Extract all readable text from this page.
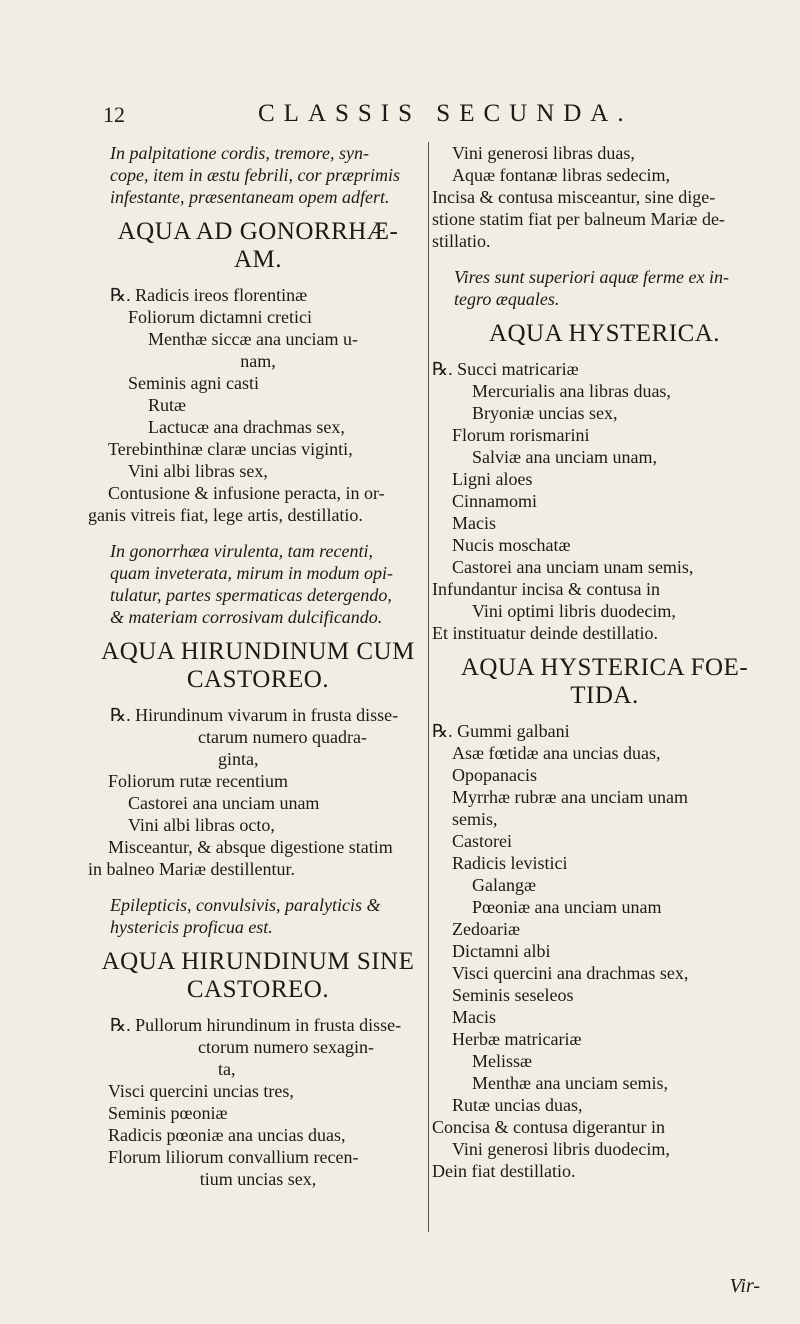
12	CLASSIS SECUNDA.
In palpitatione cordis, tremore, syn-
cope, item in æstu febrili, cor præprimis
infestante, præsentaneam opem adfert.
AQUA AD GONORRHÆ-
AM.
℞. Radicis ireos florentinæ
Foliorum dictamni cretici
Menthæ siccæ ana unciam u-
nam,
Seminis agni casti
Rutæ
Lactucæ ana drachmas sex,
Terebinthinæ claræ uncias viginti,
Vini albi libras sex,
Contusione & infusione peracta, in or-
ganis vitreis fiat, lege artis, destillatio.
In gonorrhæa virulenta, tam recenti,
quam inveterata, mirum in modum opi-
tulatur, partes spermaticas detergendo,
& materiam corrosivam dulcificando.
AQUA HIRUNDINUM CUM
CASTOREO.
℞. Hirundinum vivarum in frusta disse-
ctarum numero quadra-
ginta,
Foliorum rutæ recentium
Castorei ana unciam unam
Vini albi libras octo,
Misceantur, & absque digestione statim
in balneo Mariæ destillentur.
Epilepticis, convulsivis, paralyticis &
hystericis proficua est.
AQUA HIRUNDINUM SINE
CASTOREO.
℞. Pullorum hirundinum in frusta disse-
ctorum numero sexagin-
ta,
Visci quercini uncias tres,
Seminis pœoniæ
Radicis pœoniæ ana uncias duas,
Florum liliorum convallium recen-
tium uncias sex,
Vini generosi libras duas,
Aquæ fontanæ libras sedecim,
Incisa & contusa misceantur, sine dige-
stione statim fiat per balneum Mariæ de-
stillatio.
Vires sunt superiori aquæ ferme ex in-
tegro æquales.
AQUA HYSTERICA.
℞. Succi matricariæ
Mercurialis ana libras duas,
Bryoniæ uncias sex,
Florum rorismarini
Salviæ ana unciam unam,
Ligni aloes
Cinnamomi
Macis
Nucis moschatæ
Castorei ana unciam unam semis,
Infundantur incisa & contusa in
Vini optimi libris duodecim,
Et instituatur deinde destillatio.
AQUA HYSTERICA FOE-
TIDA.
℞. Gummi galbani
Asæ fœtidæ ana uncias duas,
Opopanacis
Myrrhæ rubræ ana unciam unam
semis,
Castorei
Radicis levistici
Galangæ
Pœoniæ ana unciam unam
Zedoariæ
Dictamni albi
Visci quercini ana drachmas sex,
Seminis seseleos
Macis
Herbæ matricariæ
Melissæ
Menthæ ana unciam semis,
Rutæ uncias duas,
Concisa & contusa digerantur in
Vini generosi libris duodecim,
Dein fiat destillatio.
Vir-
